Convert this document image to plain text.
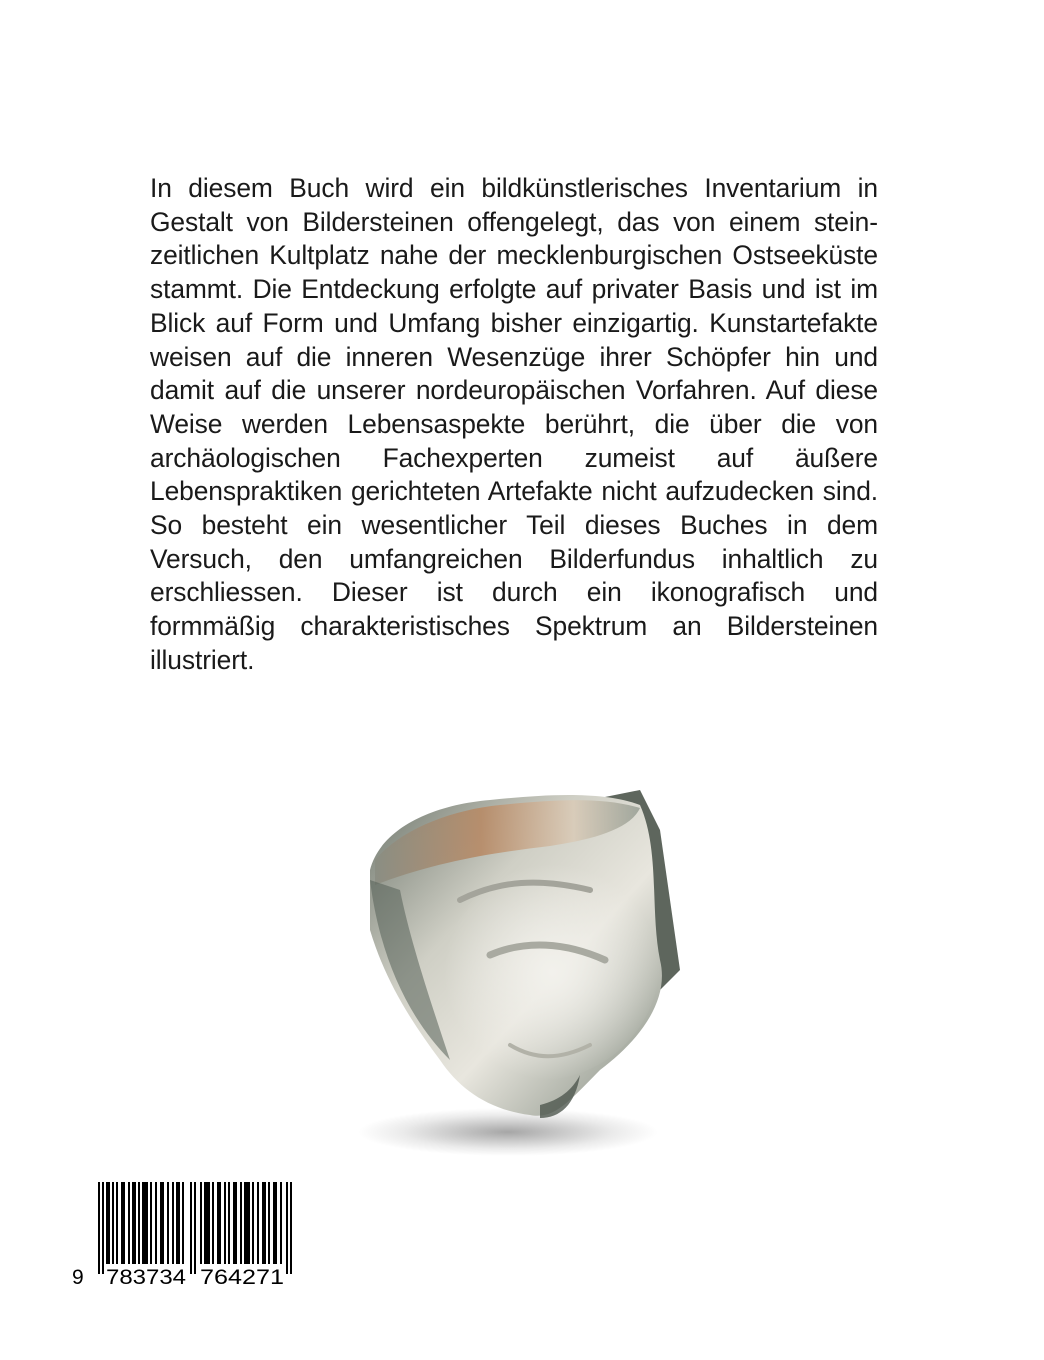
In diesem Buch wird ein bildkünstlerisches Inventarium in Gestalt von Bildersteinen offengelegt, das von einem steinzeitlichen Kultplatz nahe der mecklenburgischen Ostseeküste stammt. Die Entdeckung erfolgte auf privater Basis und ist im Blick auf Form und Umfang bisher einzigartig. Kunstartefakte weisen auf die inneren Wesenzüge ihrer Schöpfer hin und damit auf die unserer nordeuropäischen Vorfahren. Auf diese Weise werden Lebensaspekte berührt, die über die von archäologischen Fachexperten zumeist auf äußere Lebenspraktiken gerichteten Artefakte nicht aufzudecken sind. So besteht ein wesentlicher Teil dieses Buches in dem Versuch, den umfangreichen Bilderfundus inhaltlich zu erschliessen. Dieser ist durch ein ikonografisch und formmäßig charakteristisches Spektrum an Bildersteinen illustriert.

9 783734 764271
